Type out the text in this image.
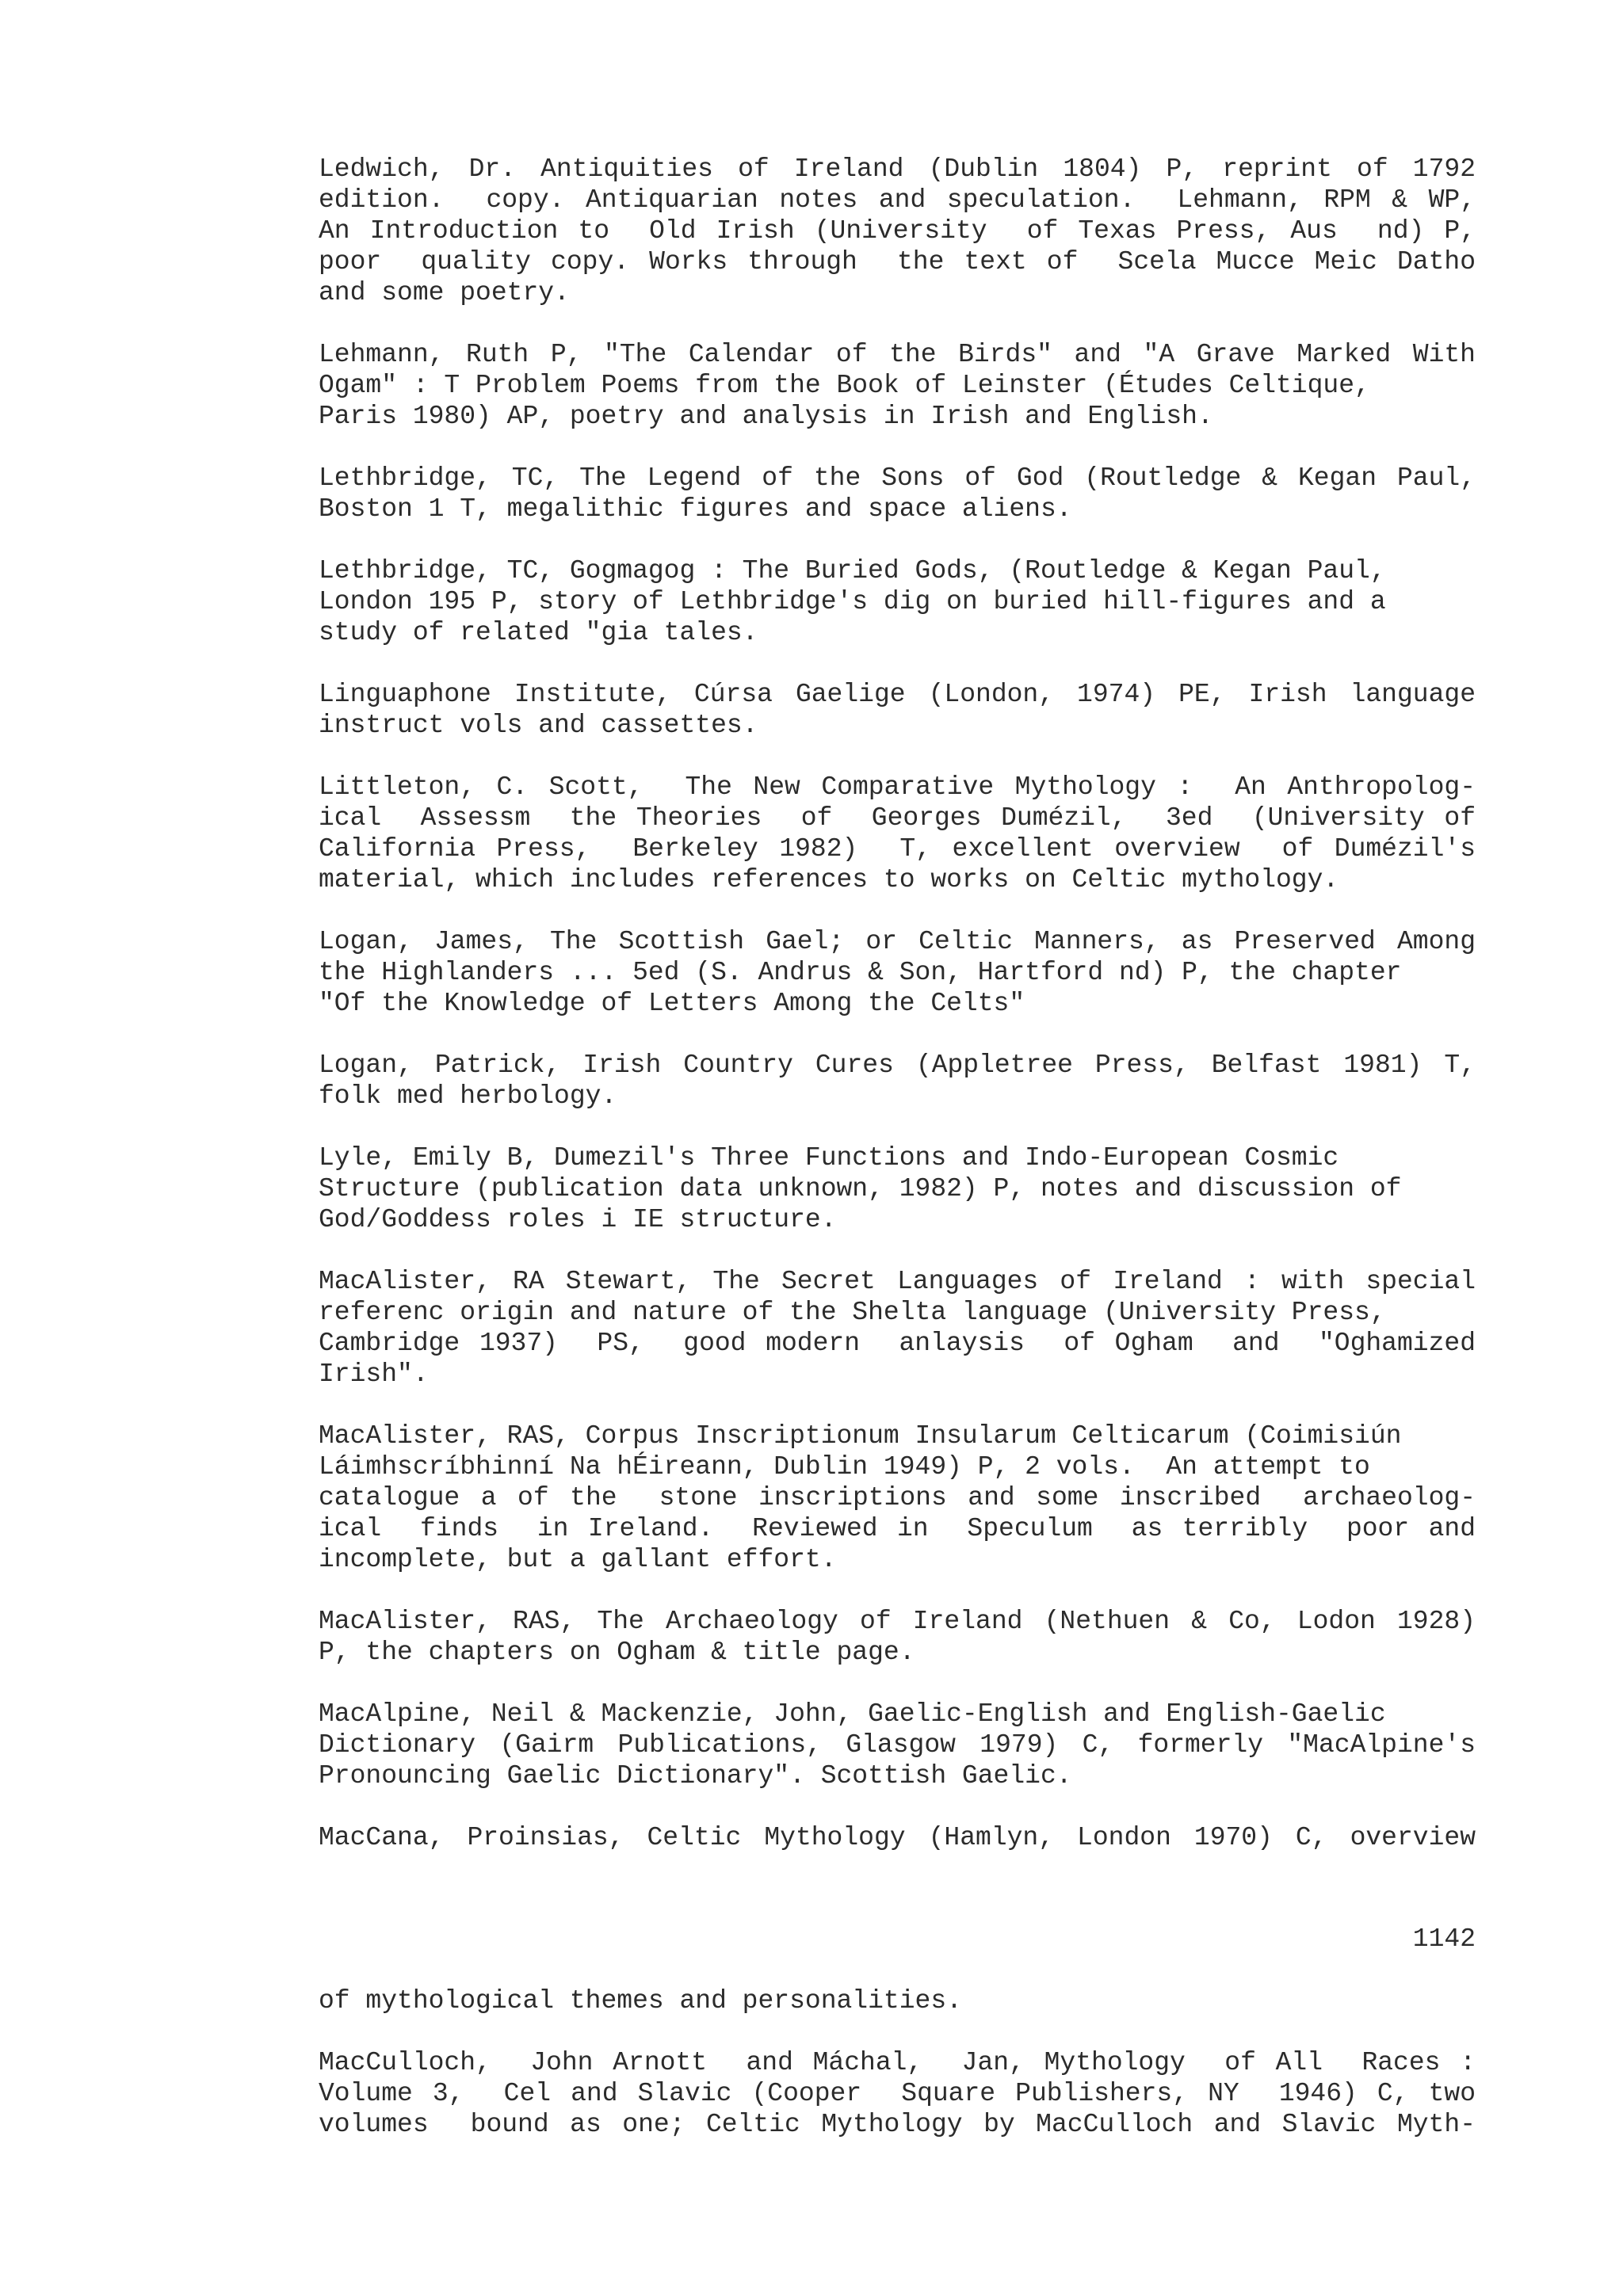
Ledwich, Dr. Antiquities of Ireland (Dublin 1804) P, reprint of 1792
edition.  copy. Antiquarian notes and speculation.  Lehmann, RPM & WP,
An Introduction to  Old Irish (University  of Texas Press, Aus  nd) P,
poor  quality copy. Works through  the text of  Scela Mucce Meic Datho
and some poetry.
Lehmann, Ruth P, "The Calendar of the Birds" and "A Grave Marked With
Ogam" : T Problem Poems from the Book of Leinster (Études Celtique,
Paris 1980) AP, poetry and analysis in Irish and English.
Lethbridge, TC, The Legend of the Sons of God (Routledge & Kegan Paul,
Boston 1 T, megalithic figures and space aliens.
Lethbridge, TC, Gogmagog : The Buried Gods, (Routledge & Kegan Paul,
London 195 P, story of Lethbridge's dig on buried hill-figures and a
study of related "gia tales.
Linguaphone Institute, Cúrsa Gaelige (London, 1974) PE, Irish language
instruct vols and cassettes.
Littleton, C. Scott,  The New Comparative Mythology :  An Anthropolog-
ical  Assessm  the Theories  of  Georges Dumézil,  3ed  (University of
California Press,  Berkeley 1982)  T, excellent overview  of Dumézil's
material, which includes references to works on Celtic mythology.
Logan, James, The Scottish Gael; or Celtic Manners, as Preserved Among
the Highlanders ... 5ed (S. Andrus & Son, Hartford nd) P, the chapter
"Of the Knowledge of Letters Among the Celts"
Logan, Patrick, Irish Country Cures (Appletree Press, Belfast 1981) T,
folk med herbology.
Lyle, Emily B, Dumezil's Three Functions and Indo-European Cosmic
Structure (publication data unknown, 1982) P, notes and discussion of
God/Goddess roles i IE structure.
MacAlister, RA Stewart, The Secret Languages of Ireland : with special
referenc origin and nature of the Shelta language (University Press,
Cambridge 1937)  PS,  good modern  anlaysis  of Ogham  and  "Oghamized
Irish".
MacAlister, RAS, Corpus Inscriptionum Insularum Celticarum (Coimisiún
Láimhscríbhinní Na hÉireann, Dublin 1949) P, 2 vols.  An attempt to
catalogue a of the  stone inscriptions and some inscribed  archaeolog-
ical  finds  in Ireland.  Reviewed in  Speculum  as terribly  poor and
incomplete, but a gallant effort.
MacAlister, RAS, The Archaeology of Ireland (Nethuen & Co, Lodon 1928)
P, the chapters on Ogham & title page.
MacAlpine, Neil & Mackenzie, John, Gaelic-English and English-Gaelic
Dictionary (Gairm Publications, Glasgow 1979) C, formerly "MacAlpine's
Pronouncing Gaelic Dictionary". Scottish Gaelic.
MacCana, Proinsias, Celtic Mythology (Hamlyn, London 1970) C, overview
1142
of mythological themes and personalities.
MacCulloch,  John Arnott  and Máchal,  Jan, Mythology  of All  Races :
Volume 3,  Cel and Slavic (Cooper  Square Publishers, NY  1946) C, two
volumes  bound as one; Celtic Mythology by MacCulloch and Slavic Myth-
